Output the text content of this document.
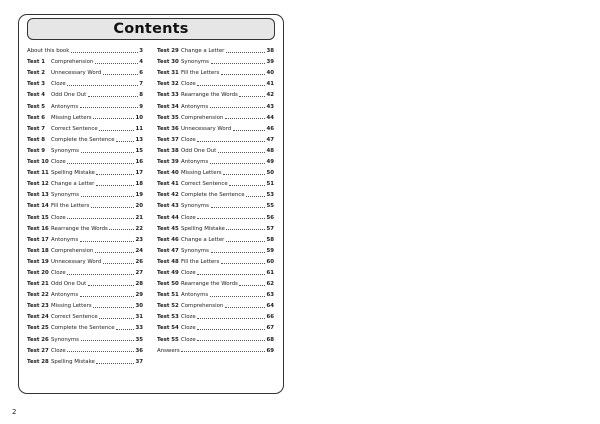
Contents
About this book	3
Test 1	Comprehension	4
Test 2	Unnecessary Word	6
Test 3	Cloze	7
Test 4	Odd One Out	8
Test 5	Antonyms	9
Test 6	Missing Letters	10
Test 7	Correct Sentence	11
Test 8	Complete the Sentence	13
Test 9	Synonyms	15
Test 10 Cloze	16
Test 11 Spelling Mistake	17
Test 12 Change a Letter	18
Test 13 Synonyms	19
Test 14 Fill the Letters	20
Test 15 Cloze	21
Test 16 Rearrange the Words	22
Test 17 Antonyms	23
Test 18 Comprehension	24
Test 19 Unnecessary Word	26
Test 20 Cloze	27
Test 21 Odd One Out	28
Test 22 Antonyms	29
Test 23 Missing Letters	30
Test 24 Correct Sentence	31
Test 25 Complete the Sentence	33
Test 26 Synonyms	35
Test 27 Cloze	36
Test 28 Spelling Mistake	37
Test 29 Change a Letter	38
Test 30 Synonyms	39
Test 31 Fill the Letters	40
Test 32 Cloze	41
Test 33 Rearrange the Words	42
Test 34 Antonyms	43
Test 35 Comprehension	44
Test 36 Unnecessary Word	46
Test 37 Cloze	47
Test 38 Odd One Out	48
Test 39 Antonyms	49
Test 40 Missing Letters	50
Test 41 Correct Sentence	51
Test 42 Complete the Sentence	53
Test 43 Synonyms	55
Test 44 Cloze	56
Test 45 Spelling Mistake	57
Test 46 Change a Letter	58
Test 47 Synonyms	59
Test 48 Fill the Letters	60
Test 49 Cloze	61
Test 50 Rearrange the Words	62
Test 51 Antonyms	63
Test 52 Comprehension	64
Test 53 Cloze	66
Test 54 Cloze	67
Test 55 Cloze	68
Answers	69
2
